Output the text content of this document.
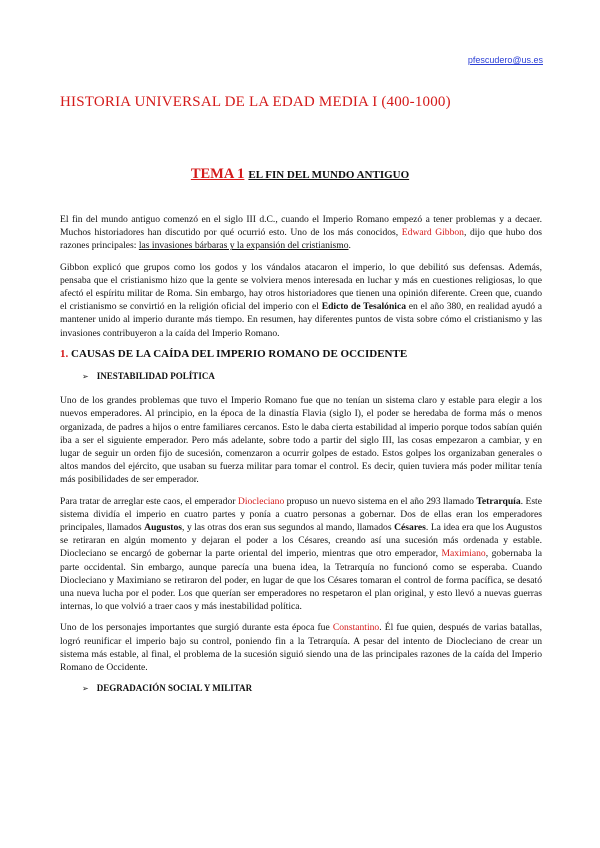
pfescudero@us.es
HISTORIA UNIVERSAL DE LA EDAD MEDIA I (400-1000)
TEMA 1 EL FIN DEL MUNDO ANTIGUO

El fin del mundo antiguo comenzó en el siglo III d.C., cuando el Imperio Romano empezó a tener problemas y a decaer. Muchos historiadores han discutido por qué ocurrió esto. Uno de los más conocidos, Edward Gibbon, dijo que hubo dos razones principales: las invasiones bárbaras y la expansión del cristianismo.

Gibbon explicó que grupos como los godos y los vándalos atacaron el imperio, lo que debilitó sus defensas. Además, pensaba que el cristianismo hizo que la gente se volviera menos interesada en luchar y más en cuestiones religiosas, lo que afectó el espíritu militar de Roma. Sin embargo, hay otros historiadores que tienen una opinión diferente. Creen que, cuando el cristianismo se convirtió en la religión oficial del imperio con el Edicto de Tesalónica en el año 380, en realidad ayudó a mantener unido al imperio durante más tiempo. En resumen, hay diferentes puntos de vista sobre cómo el cristianismo y las invasiones contribuyeron a la caída del Imperio Romano.

1. CAUSAS DE LA CAÍDA DEL IMPERIO ROMANO DE OCCIDENTE
➢ INESTABILIDAD POLÍTICA

Uno de los grandes problemas que tuvo el Imperio Romano fue que no tenían un sistema claro y estable para elegir a los nuevos emperadores. Al principio, en la época de la dinastía Flavia (siglo I), el poder se heredaba de forma más o menos organizada, de padres a hijos o entre familiares cercanos. Esto le daba cierta estabilidad al imperio porque todos sabían quién iba a ser el siguiente emperador. Pero más adelante, sobre todo a partir del siglo III, las cosas empezaron a cambiar, y en lugar de seguir un orden fijo de sucesión, comenzaron a ocurrir golpes de estado. Estos golpes los organizaban generales o altos mandos del ejército, que usaban su fuerza militar para tomar el control. Es decir, quien tuviera más poder militar tenía más posibilidades de ser emperador.

Para tratar de arreglar este caos, el emperador Diocleciano propuso un nuevo sistema en el año 293 llamado Tetrarquía. Este sistema dividía el imperio en cuatro partes y ponía a cuatro personas a gobernar. Dos de ellas eran los emperadores principales, llamados Augustos, y las otras dos eran sus segundos al mando, llamados Césares. La idea era que los Augustos se retiraran en algún momento y dejaran el poder a los Césares, creando así una sucesión más ordenada y estable. Diocleciano se encargó de gobernar la parte oriental del imperio, mientras que otro emperador, Maximiano, gobernaba la parte occidental. Sin embargo, aunque parecía una buena idea, la Tetrarquía no funcionó como se esperaba. Cuando Diocleciano y Maximiano se retiraron del poder, en lugar de que los Césares tomaran el control de forma pacífica, se desató una nueva lucha por el poder. Los que querían ser emperadores no respetaron el plan original, y esto llevó a nuevas guerras internas, lo que volvió a traer caos y más inestabilidad política.

Uno de los personajes importantes que surgió durante esta época fue Constantino. Él fue quien, después de varias batallas, logró reunificar el imperio bajo su control, poniendo fin a la Tetrarquía. A pesar del intento de Diocleciano de crear un sistema más estable, al final, el problema de la sucesión siguió siendo una de las principales razones de la caída del Imperio Romano de Occidente.

➢ DEGRADACIÓN SOCIAL Y MILITAR
